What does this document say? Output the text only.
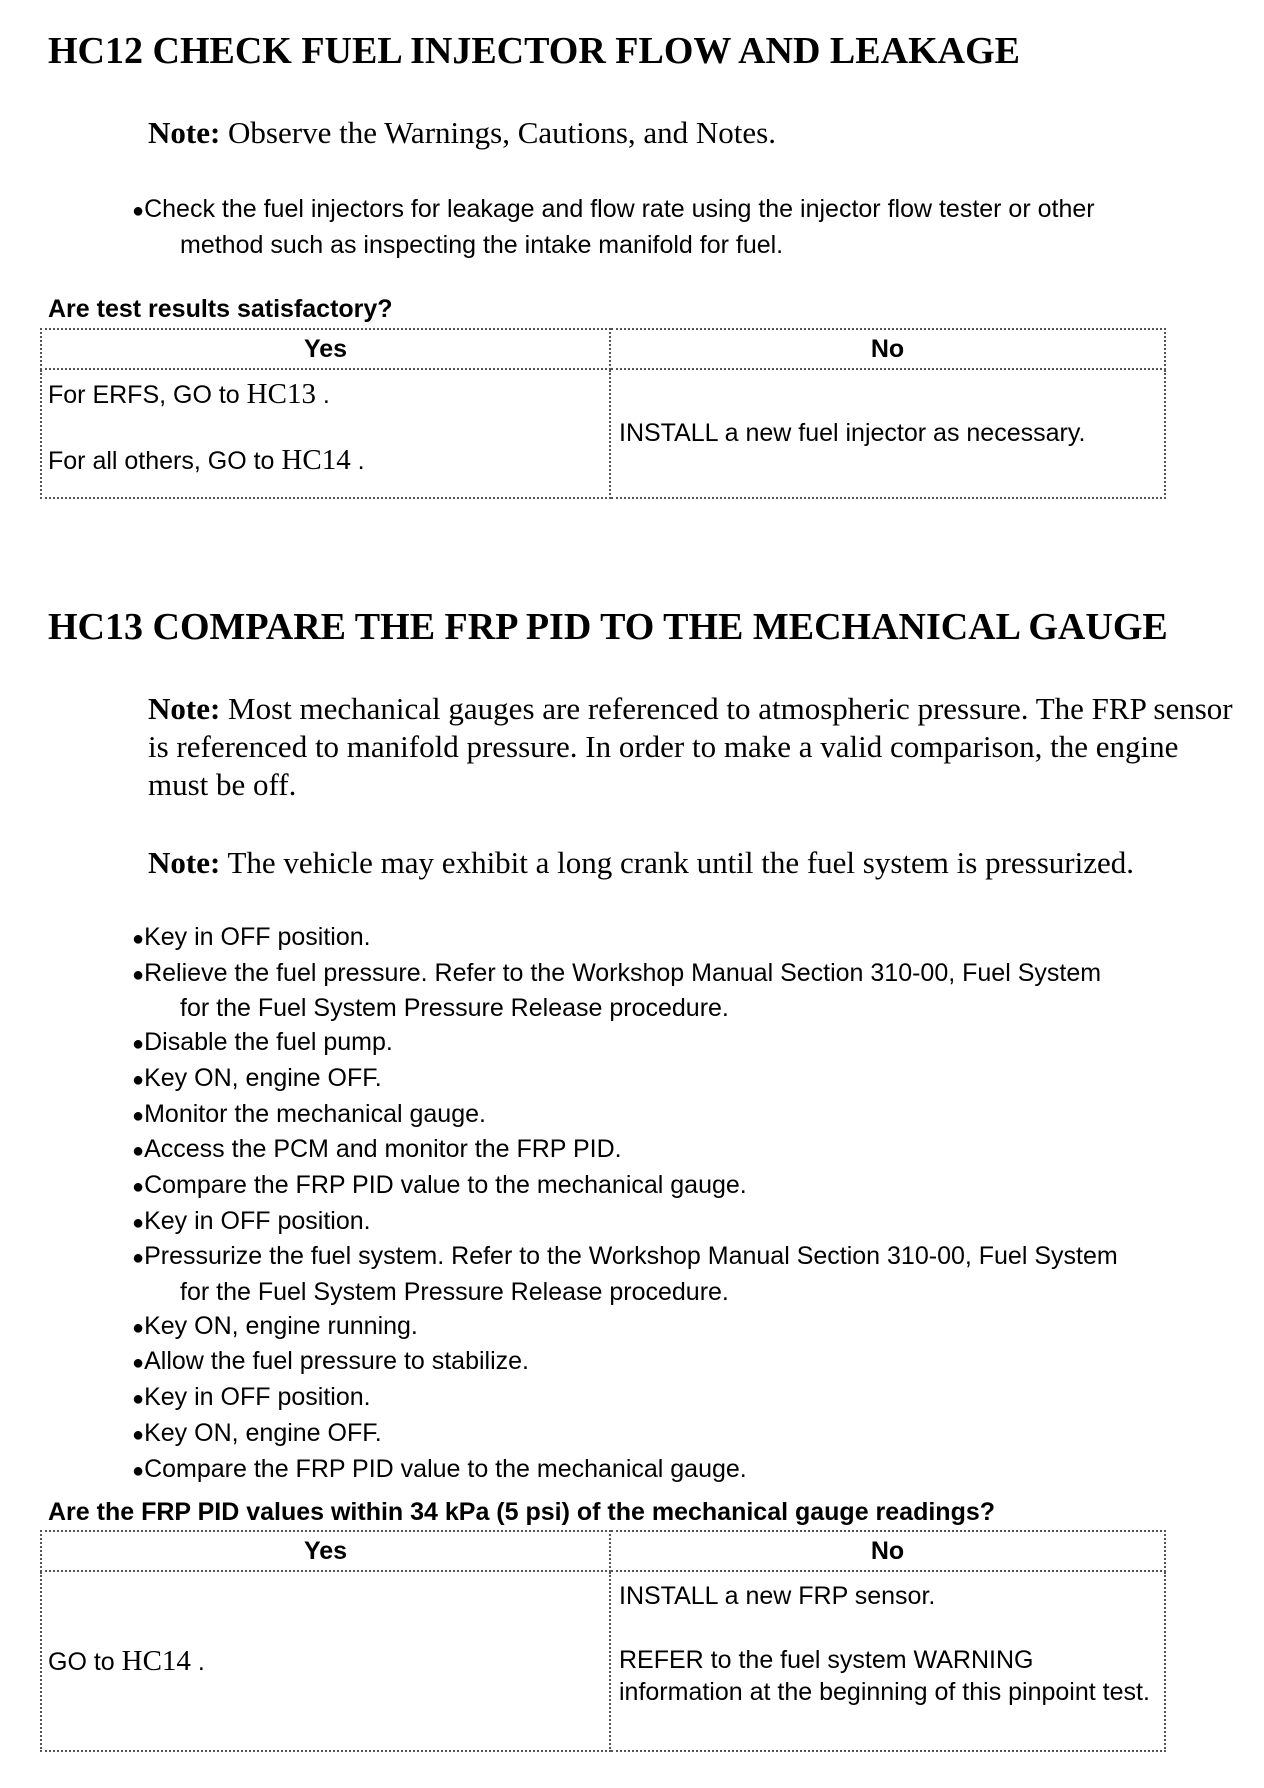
HC12 CHECK FUEL INJECTOR FLOW AND LEAKAGE

Note: Observe the Warnings, Cautions, and Notes.

●Check the fuel injectors for leakage and flow rate using the injector flow tester or other
method such as inspecting the intake manifold for fuel.

Are test results satisfactory?

Yes	No

For ERFS, GO to HC13 .
For all others, GO to HC14 .	INSTALL a new fuel injector as necessary.
HC13 COMPARE THE FRP PID TO THE MECHANICAL GAUGE

Note: Most mechanical gauges are referenced to atmospheric pressure. The FRP sensor is referenced to manifold pressure. In order to make a valid comparison, the engine must be off.

Note: The vehicle may exhibit a long crank until the fuel system is pressurized.

●Key in OFF position.
●Relieve the fuel pressure. Refer to the Workshop Manual Section 310-00, Fuel System
for the Fuel System Pressure Release procedure.
●Disable the fuel pump.
●Key ON, engine OFF.
●Monitor the mechanical gauge.
●Access the PCM and monitor the FRP PID.
●Compare the FRP PID value to the mechanical gauge.
●Key in OFF position.
●Pressurize the fuel system. Refer to the Workshop Manual Section 310-00, Fuel System
for the Fuel System Pressure Release procedure.
●Key ON, engine running.
●Allow the fuel pressure to stabilize.
●Key in OFF position.
●Key ON, engine OFF.
●Compare the FRP PID value to the mechanical gauge.

Are the FRP PID values within 34 kPa (5 psi) of the mechanical gauge readings?

Yes	No
GO to HC14 .	INSTALL a new FRP sensor.
REFER to the fuel system WARNING information at the beginning of this pinpoint test.
